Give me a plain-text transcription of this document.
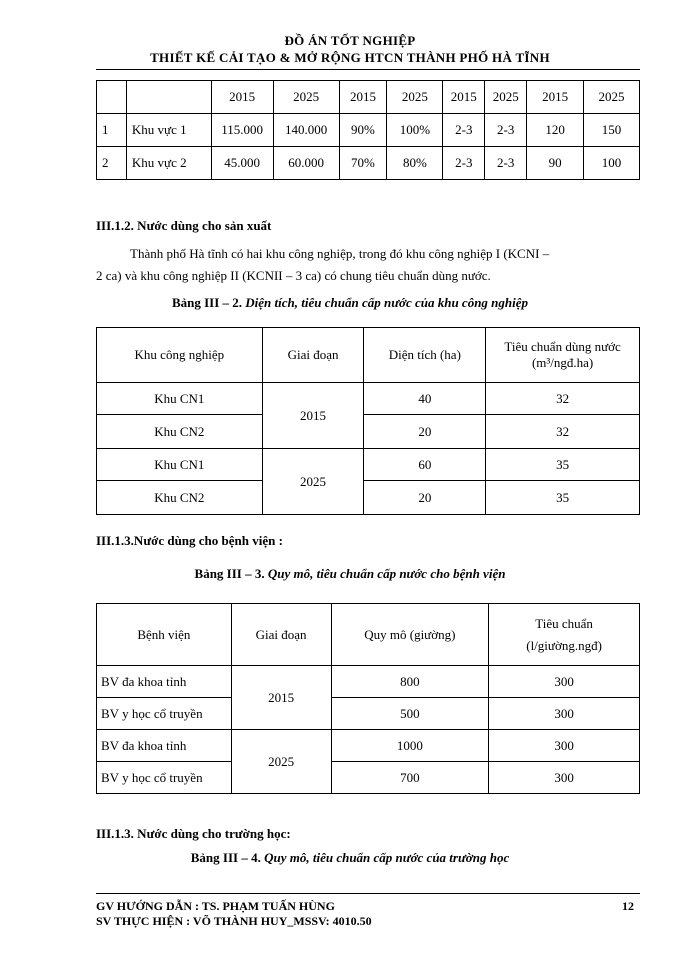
ĐỒ ÁN TỐT NGHIỆP
THIẾT KẾ CẢI TẠO & MỞ RỘNG HTCN THÀNH PHỐ HÀ TĨNH
		2015	2025	2015	2025	2015	2025	2015	2025
1	Khu vực 1	115.000	140.000	90%	100%	2-3	2-3	120	150
2	Khu vực 2	45.000	60.000	70%	80%	2-3	2-3	90	100
III.1.2. Nước dùng cho sản xuất
Thành phố Hà tĩnh có hai khu công nghiệp, trong đó khu công nghiệp I (KCNI –
2 ca) và khu công nghiệp II (KCNII – 3 ca) có chung tiêu chuẩn dùng nước.
Bảng III – 2. Diện tích, tiêu chuẩn cấp nước của khu công nghiệp
Khu công nghiệp	Giai đoạn	Diện tích (ha)	Tiêu chuẩn dùng nước
(m³/ngđ.ha)

Khu CN1	2015	40	32
Khu CN2		20	32
Khu CN1	2025	60	35
Khu CN2		20	35
III.1.3.Nước dùng cho bệnh viện :
Bảng III – 3. Quy mô, tiêu chuẩn cấp nước cho bệnh viện
Bệnh viện	Giai đoạn	Quy mô (giường)	Tiêu chuẩn
(l/giường.ngđ)

BV đa khoa tỉnh	2015	800	300
BV y học cổ truyền		500	300
BV đa khoa tỉnh	2025	1000	300
BV y học cổ truyền		700	300
III.1.3. Nước dùng cho trường học:
Bảng III – 4. Quy mô, tiêu chuẩn cấp nước của trường học
GV HƯỚNG DẪN : TS. PHẠM TUẤN HÙNG
SV THỰC HIỆN : VÕ THÀNH HUY_MSSV: 4010.50
12
